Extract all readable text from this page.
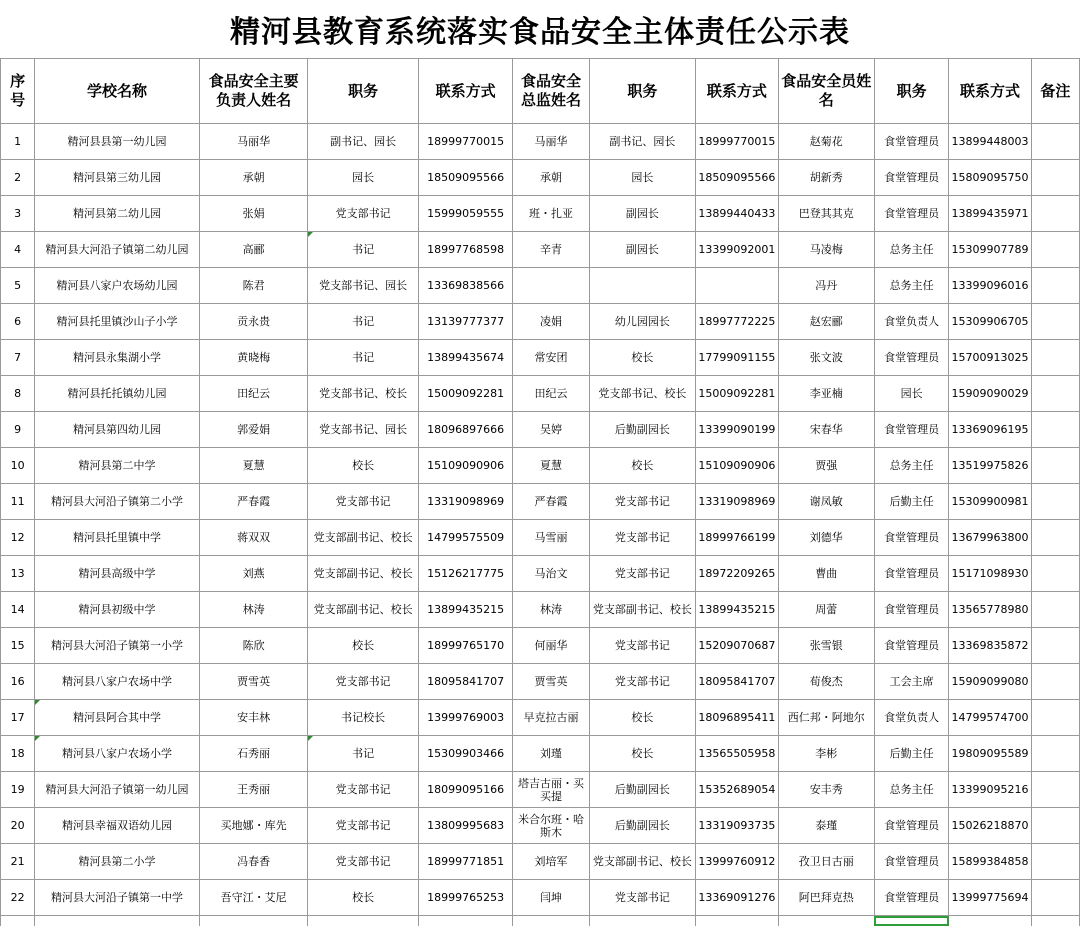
精河县教育系统落实食品安全主体责任公示表
序号	学校名称	食品安全主要负责人姓名	职务	联系方式	食品安全总监姓名	职务	联系方式	食品安全员姓名	职务	联系方式	备注
1	精河县县第一幼儿园	马丽华	副书记、园长	18999770015	马丽华	副书记、园长	18999770015	赵菊花	食堂管理员	13899448003	
2	精河县第三幼儿园	承朝	园长	18509095566	承朝	园长	18509095566	胡新秀	食堂管理员	15809095750	
3	精河县第二幼儿园	张娟	党支部书记	15999059555	班・扎亚	副园长	13899440433	巴登其其克	食堂管理员	13899435971	
4	精河县大河沿子镇第二幼儿园	高郦	书记	18997768598	辛青	副园长	13399092001	马凌梅	总务主任	15309907789	
5	精河县八家户农场幼儿园	陈君	党支部书记、园长	13369838566				冯丹	总务主任	13399096016	
6	精河县托里镇沙山子小学	贡永贵	书记	13139777377	凌娟	幼儿园园长	18997772225	赵宏郦	食堂负责人	15309906705	
7	精河县永集湖小学	黄晓梅	书记	13899435674	常安团	校长	17799091155	张文波	食堂管理员	15700913025	
8	精河县托托镇幼儿园	田纪云	党支部书记、校长	15009092281	田纪云	党支部书记、校长	15009092281	李亚楠	园长	15909090029	
9	精河县第四幼儿园	郭爱娟	党支部书记、园长	18096897666	吴婷	后勤副园长	13399090199	宋春华	食堂管理员	13369096195	
10	精河县第二中学	夏慧	校长	15109090906	夏慧	校长	15109090906	贾强	总务主任	13519975826	
11	精河县大河沿子镇第二小学	严春霞	党支部书记	13319098969	严春霞	党支部书记	13319098969	谢凤敏	后勤主任	15309900981	
12	精河县托里镇中学	蒋双双	党支部副书记、校长	14799575509	马雪丽	党支部书记	18999766199	刘德华	食堂管理员	13679963800	
13	精河县高级中学	刘燕	党支部副书记、校长	15126217775	马治文	党支部书记	18972209265	曹曲	食堂管理员	15171098930	
14	精河县初级中学	林涛	党支部副书记、校长	13899435215	林涛	党支部副书记、校长	13899435215	周蕾	食堂管理员	13565778980	
15	精河县大河沿子镇第一小学	陈欣	校长	18999765170	何丽华	党支部书记	15209070687	张雪银	食堂管理员	13369835872	
16	精河县八家户农场中学	贾雪英	党支部书记	18095841707	贾雪英	党支部书记	18095841707	荀俊杰	工会主席	15909099080	
17	精河县阿合其中学	安丰林	书记校长	13999769003	早克拉古丽	校长	18096895411	西仁邦・阿地尔	食堂负责人	14799574700	
18	精河县八家户农场小学	石秀丽	书记	15309903466	刘瑾	校长	13565505958	李彬	后勤主任	19809095589	
19	精河县大河沿子镇第一幼儿园	王秀丽	党支部书记	18099095166	塔吉古丽・买买提	后勤副园长	15352689054	安丰秀	总务主任	13399095216	
20	精河县幸福双语幼儿园	买地娜・库先	党支部书记	13809995683	米合尔班・哈斯木	后勤副园长	13319093735	泰瑾	食堂管理员	15026218870	
21	精河县第二小学	冯春香	党支部书记	18999771851	刘培军	党支部副书记、校长	13999760912	孜卫日古丽	食堂管理员	15899384858	
22	精河县大河沿子镇第一中学	吾守江・艾尼	校长	18999765253	闫坤	党支部书记	13369091276	阿巴拜克热	食堂管理员	13999775694	
